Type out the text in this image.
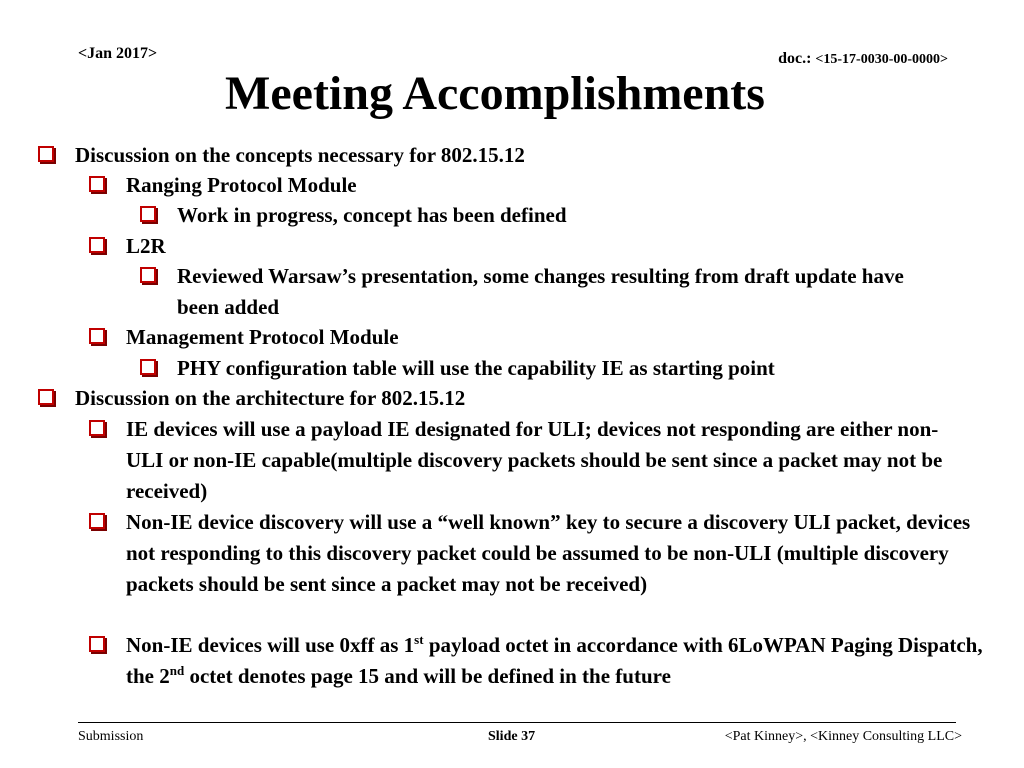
<Jan 2017>	doc.: <15-17-0030-00-0000>
Meeting Accomplishments
Discussion on the concepts necessary for 802.15.12
Ranging Protocol Module
Work in progress, concept has been defined
L2R
Reviewed Warsaw’s presentation, some changes resulting from draft update have been added
Management Protocol Module
PHY configuration table will use the capability IE as starting point
Discussion on the architecture for 802.15.12
IE devices will use a payload IE designated for ULI; devices not responding are either non-ULI or non-IE capable(multiple discovery packets should be sent since a packet may not be received)
Non-IE device discovery will use a “well known” key to secure a discovery ULI packet, devices not responding to this discovery packet could be assumed to be non-ULI (multiple discovery packets should be sent since a packet may not be received)
Non-IE devices will use 0xff as 1st payload octet in accordance with 6LoWPAN Paging Dispatch, the 2nd octet denotes page 15 and will be defined in the future
Submission	Slide 37	<Pat Kinney>, <Kinney Consulting LLC>
